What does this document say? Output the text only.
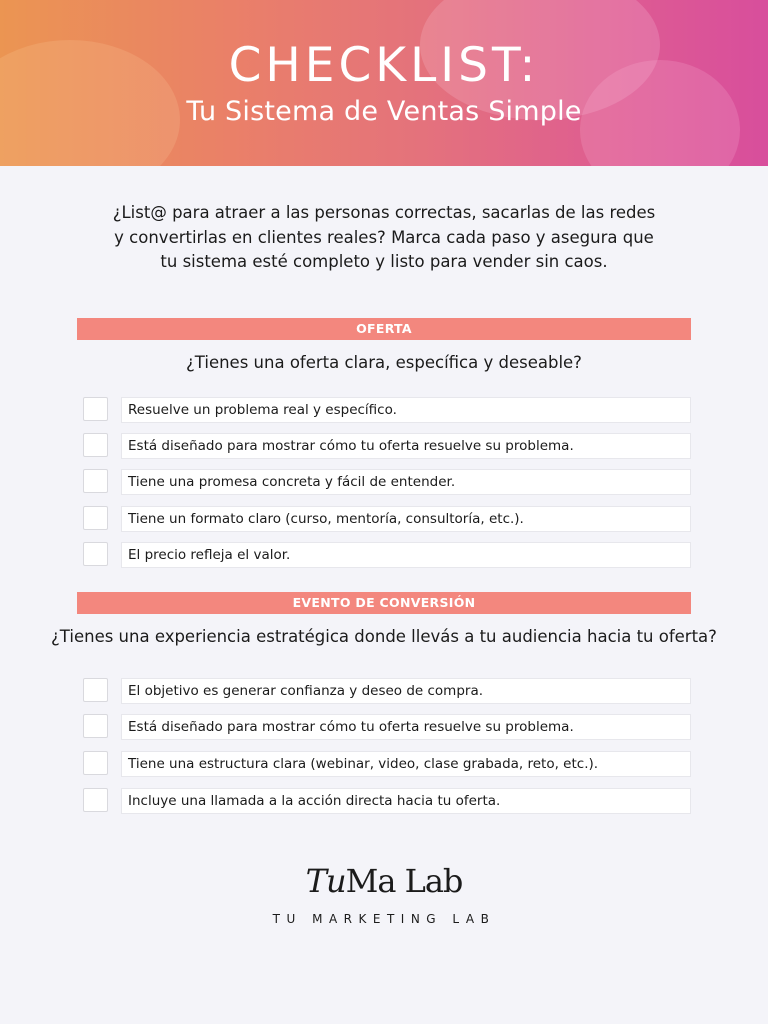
CHECKLIST:
Tu Sistema de Ventas Simple

¿List@ para atraer a las personas correctas, sacarlas de las redes

y convertirlas en clientes reales? Marca cada paso y asegura que

tu sistema esté completo y listo para vender sin caos.

OFERTA
¿Tienes una oferta clara, específica y deseable?
Resuelve un problema real y específico.
Está diseñado para mostrar cómo tu oferta resuelve su problema.
Tiene una promesa concreta y fácil de entender.
Tiene un formato claro (curso, mentoría, consultoría, etc.).
El precio refleja el valor.
EVENTO DE CONVERSIÓN
¿Tienes una experiencia estratégica donde llevás a tu audiencia hacia tu oferta?
El objetivo es generar confianza y deseo de compra.
Está diseñado para mostrar cómo tu oferta resuelve su problema.
Tiene una estructura clara (webinar, video, clase grabada, reto, etc.).
Incluye una llamada a la acción directa hacia tu oferta.
TuMa Lab
TU MARKETING LAB
